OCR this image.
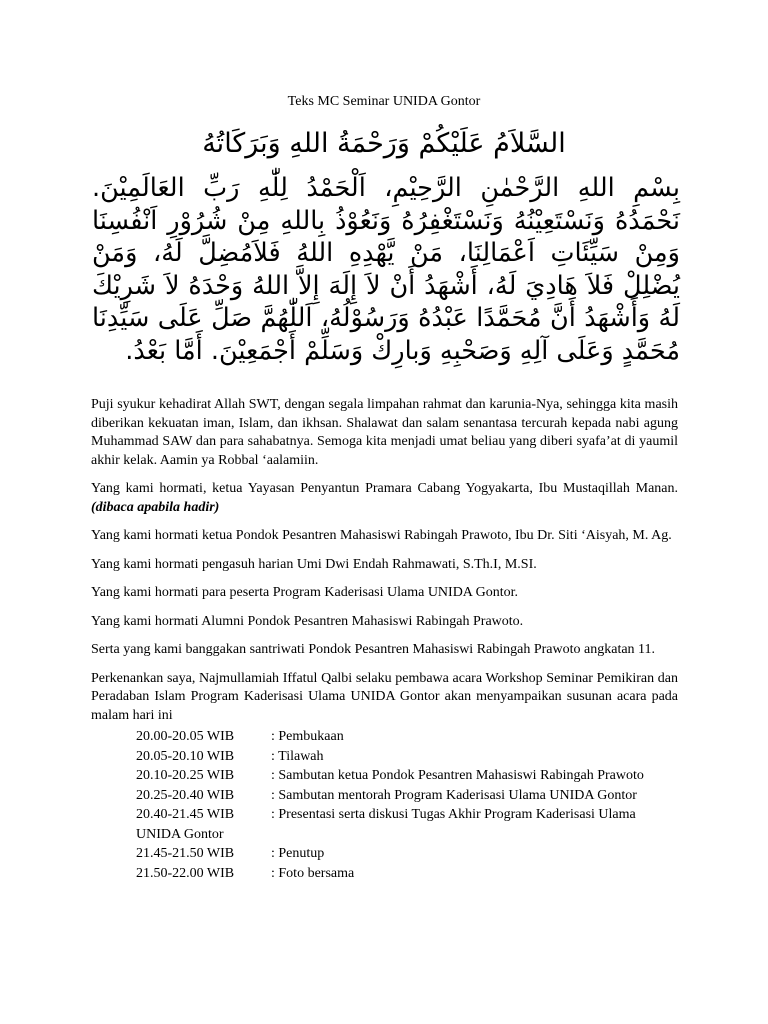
Teks MC Seminar UNIDA Gontor
السَّلاَمُ عَلَيْكُمْ وَرَحْمَةُ اللهِ وَبَرَكَاتُهُ
بِسْمِ اللهِ الرَّحْمٰنِ الرَّحِيْمِ، اَلْحَمْدُ لِلّٰهِ رَبِّ العَالَمِيْنَ. نَحْمَدُهُ وَنَسْتَعِيْنُهُ وَنَسْتَغْفِرُهُ وَنَعُوْذُ بِاللهِ مِنْ شُرُوْرِ اَنْفُسِنَا وَمِنْ سَيِّئَاتِ اَعْمَالِنَا، مَنْ يَّهْدِهِ اللهُ فَلاَمُضِلَّ لَهُ، وَمَنْ يُضْلِلْ فَلاَ هَادِيَ لَهُ، أَشْهَدُ أَنْ لاَ إِلَهَ إِلاَّ اللهُ وَحْدَهُ لاَ شَرِيْكَ لَهُ وَأَشْهَدُ أَنَّ مُحَمَّدًا عَبْدُهُ وَرَسُوْلُهُ، اَللّٰهُمَّ صَلِّ عَلَى سَيِّدِنَا مُحَمَّدٍ وَعَلَى آلِهِ وَصَحْبِهِ وَبارِكْ وَسَلِّمْ أَجْمَعِيْنَ. أَمَّا بَعْدُ.

Puji syukur kehadirat Allah SWT, dengan segala limpahan rahmat dan karunia-Nya, sehingga kita masih diberikan kekuatan iman, Islam, dan ikhsan. Shalawat dan salam senantasa tercurah kepada nabi agung Muhammad SAW dan para sahabatnya. Semoga kita menjadi umat beliau yang diberi syafa’at di yaumil akhir kelak. Aamin ya Robbal ‘aalamiin.

Yang kami hormati, ketua Yayasan Penyantun Pramara Cabang Yogyakarta, Ibu Mustaqillah Manan. (dibaca apabila hadir)

Yang kami hormati ketua Pondok Pesantren Mahasiswi Rabingah Prawoto, Ibu Dr. Siti ‘Aisyah, M. Ag.

Yang kami hormati pengasuh harian Umi Dwi Endah Rahmawati, S.Th.I, M.SI.

Yang kami hormati para peserta Program Kaderisasi Ulama UNIDA Gontor.

Yang kami hormati Alumni Pondok Pesantren Mahasiswi Rabingah Prawoto.

Serta yang kami banggakan santriwati Pondok Pesantren Mahasiswi Rabingah Prawoto angkatan 11.

Perkenankan saya, Najmullamiah Iffatul Qalbi selaku pembawa acara Workshop Seminar Pemikiran dan Peradaban Islam Program Kaderisasi Ulama UNIDA Gontor akan menyampaikan susunan acara pada malam hari ini

20.00-20.05 WIB	: Pembukaan
20.05-20.10 WIB	: Tilawah
20.10-20.25 WIB	: Sambutan ketua Pondok Pesantren Mahasiswi Rabingah Prawoto
20.25-20.40 WIB	: Sambutan mentorah Program Kaderisasi Ulama UNIDA Gontor
20.40-21.45 WIB	: Presentasi serta diskusi Tugas Akhir Program Kaderisasi Ulama
UNIDA Gontor
21.45-21.50 WIB	: Penutup
21.50-22.00 WIB	: Foto bersama
